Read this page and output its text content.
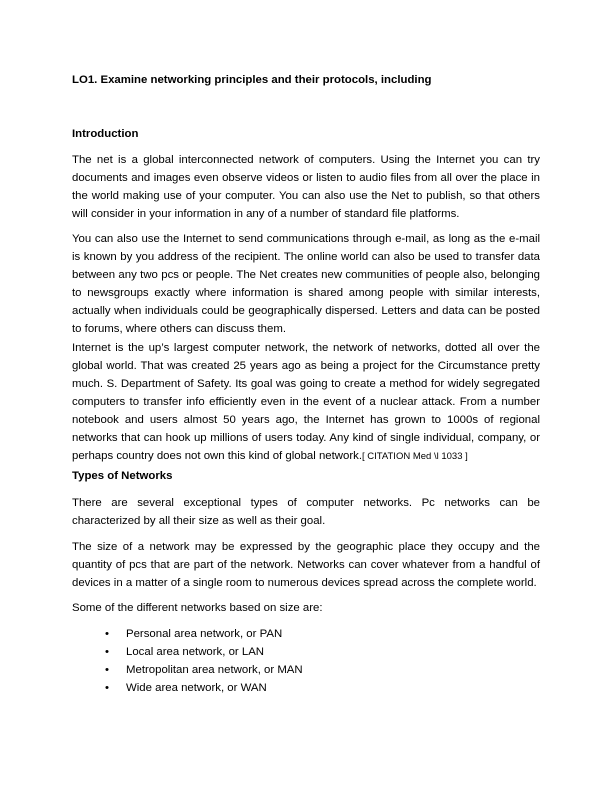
LO1. Examine networking principles and their protocols, including
Introduction

The net is a global interconnected network of computers. Using the Internet you can try documents and images even observe videos or listen to audio files from all over the place in the world making use of your computer. You can also use the Net to publish, so that others will consider in your information in any of a number of standard file platforms.

You can also use the Internet to send communications through e-mail, as long as the e-mail is known by you address of the recipient. The online world can also be used to transfer data between any two pcs or people. The Net creates new communities of people also, belonging to newsgroups exactly where information is shared among people with similar interests, actually when individuals could be geographically dispersed. Letters and data can be posted to forums, where others can discuss them.

Internet is the up’s largest computer network, the network of networks, dotted all over the global world. That was created 25 years ago as being a project for the Circumstance pretty much. S. Department of Safety. Its goal was going to create a method for widely segregated computers to transfer info efficiently even in the event of a nuclear attack. From a number notebook and users almost 50 years ago, the Internet has grown to 1000s of regional networks that can hook up millions of users today. Any kind of single individual, company, or perhaps country does not own this kind of global network.[ CITATION Med \l 1033 ]

Types of Networks

There are several exceptional types of computer networks. Pc networks can be characterized by all their size as well as their goal.

The size of a network may be expressed by the geographic place they occupy and the quantity of pcs that are part of the network. Networks can cover whatever from a handful of devices in a matter of a single room to numerous devices spread across the complete world.

Some of the different networks based on size are:

• Personal area network, or PAN
• Local area network, or LAN
• Metropolitan area network, or MAN
• Wide area network, or WAN
